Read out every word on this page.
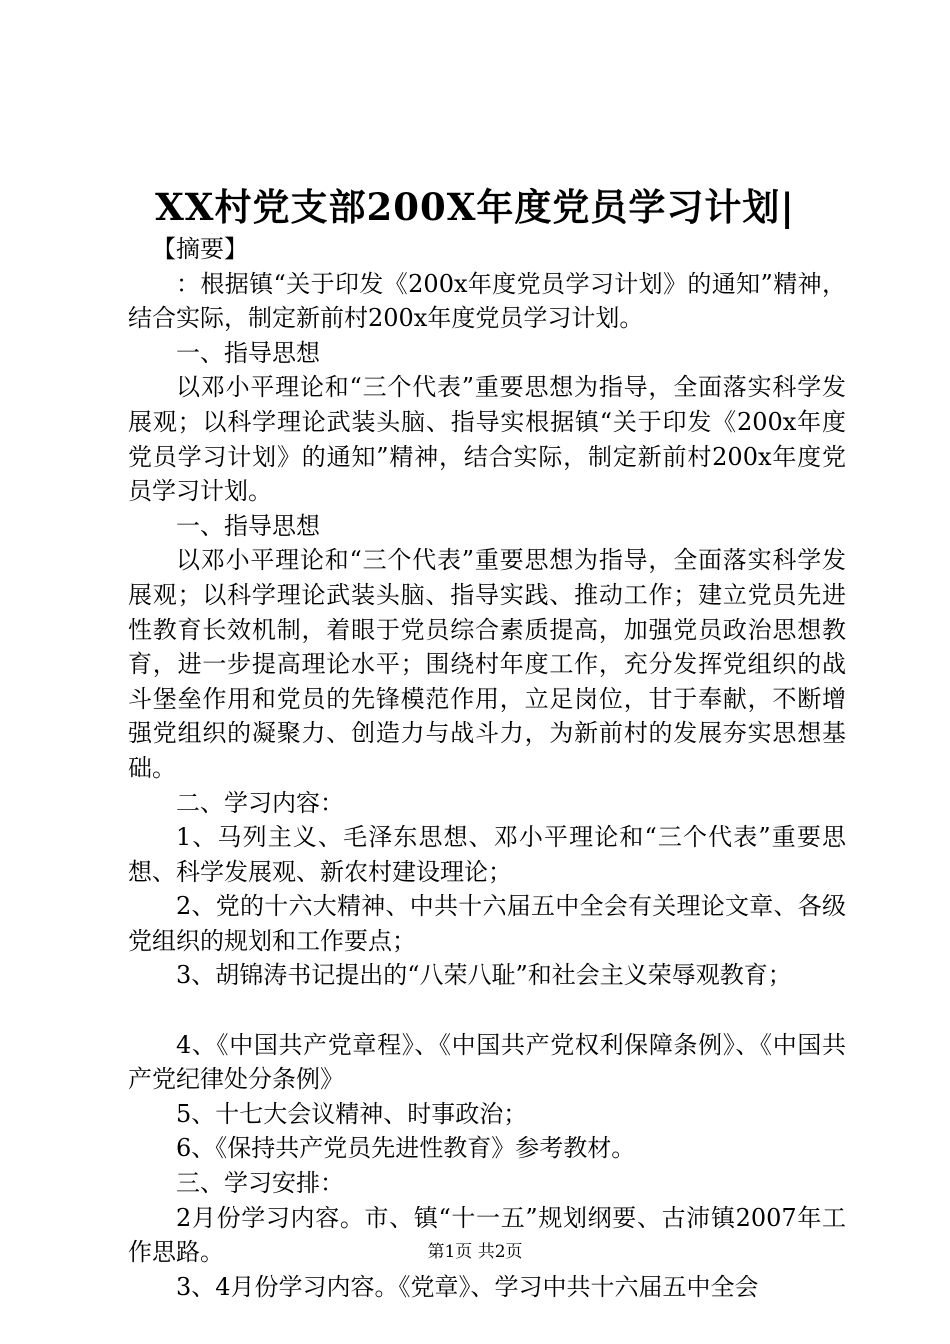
XX村党支部200X年度党员学习计划|

【摘要】

：根据镇“关于印发《200x年度党员学习计划》的通知”精神，结合实际，制定新前村200x年度党员学习计划。

一、指导思想

以邓小平理论和“三个代表”重要思想为指导，全面落实科学发展观；以科学理论武装头脑、指导实根据镇“关于印发《200x年度党员学习计划》的通知”精神，结合实际，制定新前村200x年度党员学习计划。

一、指导思想

以邓小平理论和“三个代表”重要思想为指导，全面落实科学发展观；以科学理论武装头脑、指导实践、推动工作；建立党员先进性教育长效机制，着眼于党员综合素质提高，加强党员政治思想教育，进一步提高理论水平；围绕村年度工作，充分发挥党组织的战斗堡垒作用和党员的先锋模范作用，立足岗位，甘于奉献，不断增强党组织的凝聚力、创造力与战斗力，为新前村的发展夯实思想基础。

二、学习内容：

1、马列主义、毛泽东思想、邓小平理论和“三个代表”重要思想、科学发展观、新农村建设理论；

2、党的十六大精神、中共十六届五中全会有关理论文章、各级党组织的规划和工作要点；

3、胡锦涛书记提出的“八荣八耻”和社会主义荣辱观教育；

4、《中国共产党章程》、《中国共产党权利保障条例》、《中国共产党纪律处分条例》

5、十七大会议精神、时事政治；

6、《保持共产党员先进性教育》参考教材。

三、学习安排：

2月份学习内容。市、镇“十一五”规划纲要、古沛镇2007年工作思路。

3、4月份学习内容。《党章》、学习中共十六届五中全会

第1页 共2页
